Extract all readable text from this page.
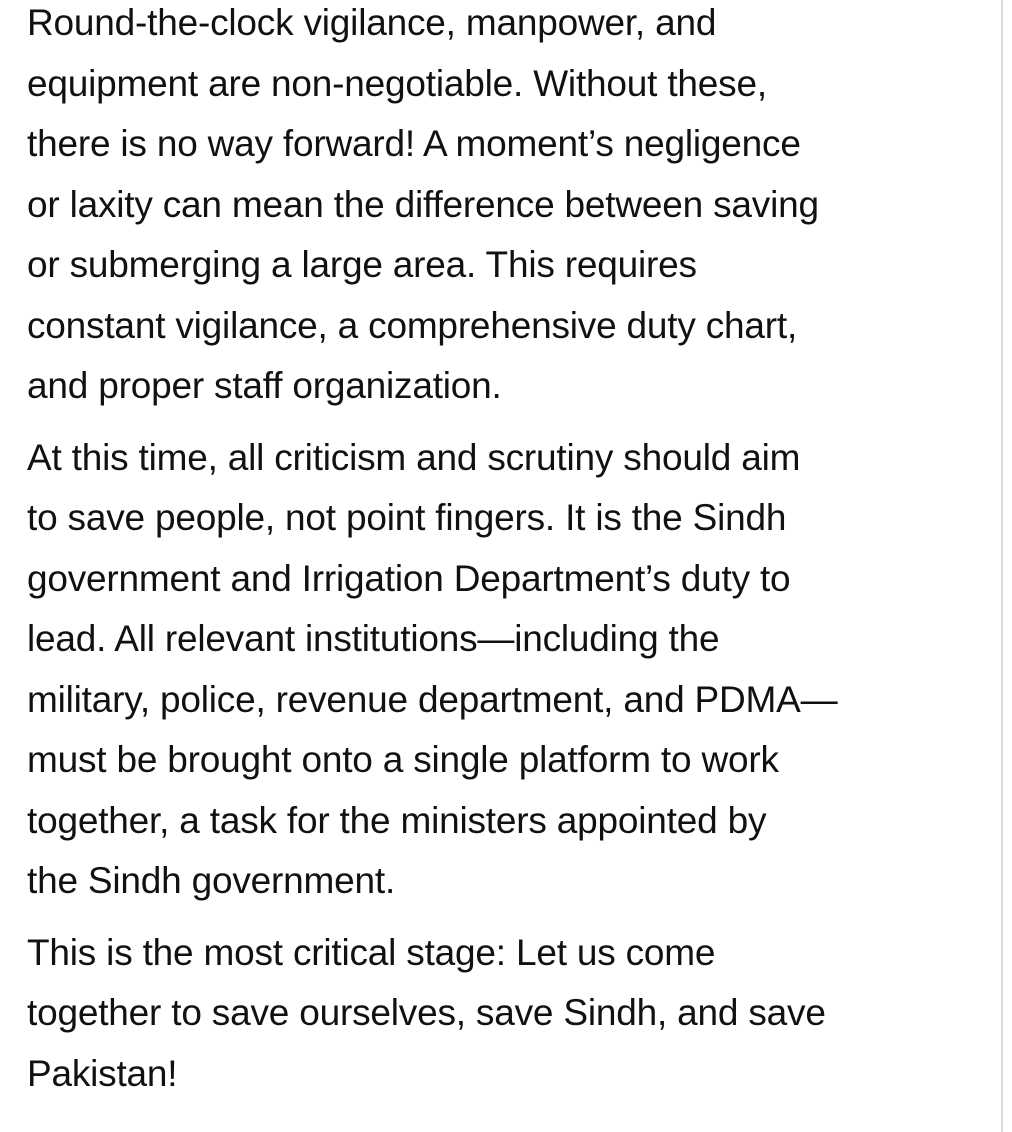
Round-the-clock vigilance, manpower, and
equipment are non-negotiable. Without these,
there is no way forward! A moment’s negligence
or laxity can mean the difference between saving
or submerging a large area. This requires
constant vigilance, a comprehensive duty chart,
and proper staff organization.

At this time, all criticism and scrutiny should aim
to save people, not point fingers. It is the Sindh
government and Irrigation Department’s duty to
lead. All relevant institutions—including the
military, police, revenue department, and PDMA—
must be brought onto a single platform to work
together, a task for the ministers appointed by
the Sindh government.

This is the most critical stage: Let us come
together to save ourselves, save Sindh, and save
Pakistan!
